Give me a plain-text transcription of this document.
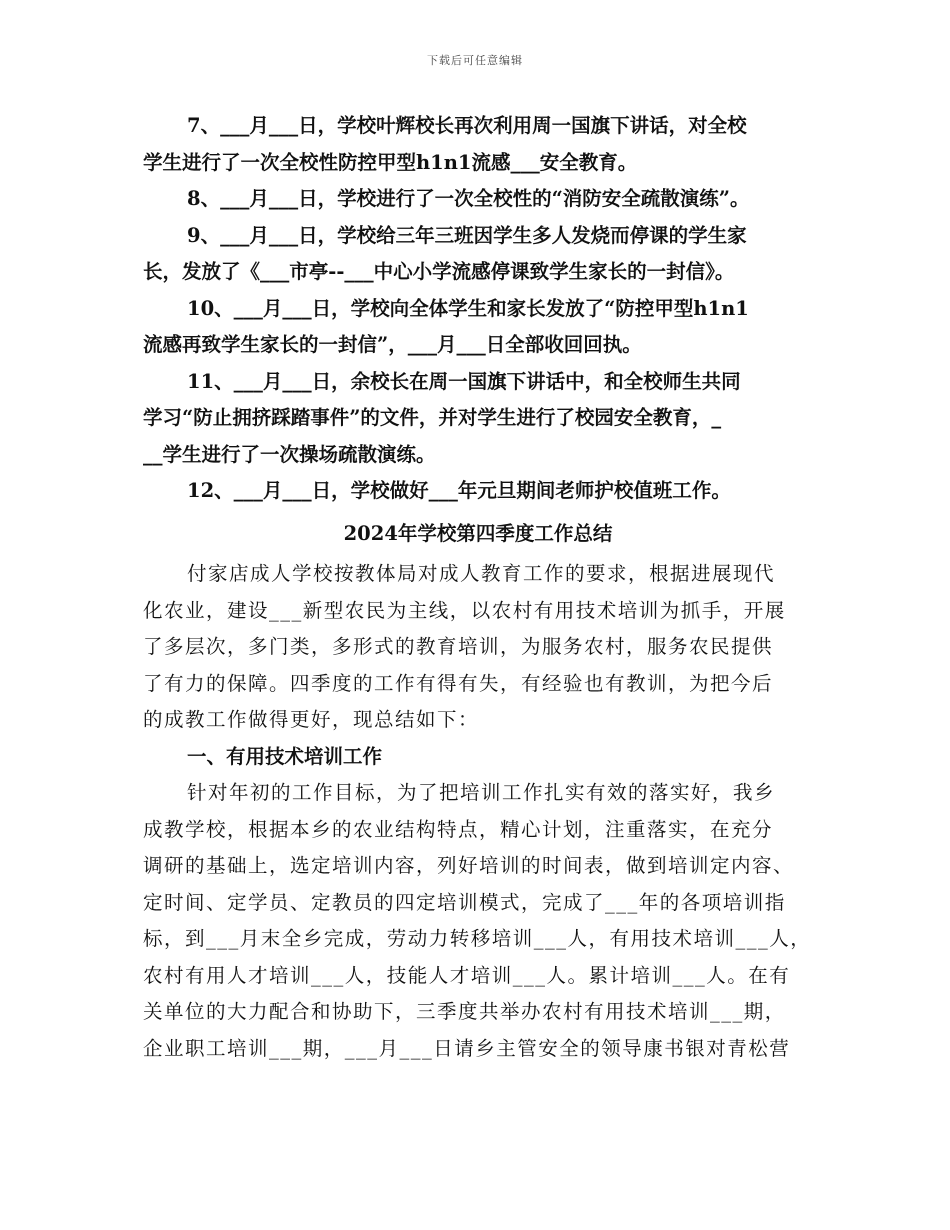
下载后可任意编辑
7、___月___日，学校叶辉校长再次利用周一国旗下讲话，对全校
学生进行了一次全校性防控甲型h1n1流感___安全教育。
8、___月___日，学校进行了一次全校性的“消防安全疏散演练”。
9、___月___日，学校给三年三班因学生多人发烧而停课的学生家
长，发放了《___市亭--___中心小学流感停课致学生家长的一封信》。
10、___月___日，学校向全体学生和家长发放了“防控甲型h1n1
流感再致学生家长的一封信”，___月___日全部收回回执。
11、___月___日，余校长在周一国旗下讲话中，和全校师生共同
学习“防止拥挤踩踏事件”的文件，并对学生进行了校园安全教育，_
__学生进行了一次操场疏散演练。
12、___月___日，学校做好___年元旦期间老师护校值班工作。
2024年学校第四季度工作总结
付家店成人学校按教体局对成人教育工作的要求，根据进展现代
化农业，建设___新型农民为主线，以农村有用技术培训为抓手，开展
了多层次，多门类，多形式的教育培训，为服务农村，服务农民提供
了有力的保障。四季度的工作有得有失，有经验也有教训，为把今后
的成教工作做得更好，现总结如下：
一、有用技术培训工作
针对年初的工作目标，为了把培训工作扎实有效的落实好，我乡
成教学校，根据本乡的农业结构特点，精心计划，注重落实，在充分
调研的基础上，选定培训内容，列好培训的时间表，做到培训定内容、
定时间、定学员、定教员的四定培训模式，完成了___年的各项培训指
标，到___月末全乡完成，劳动力转移培训___人，有用技术培训___人，
农村有用人才培训___人，技能人才培训___人。累计培训___人。在有
关单位的大力配合和协助下，三季度共举办农村有用技术培训___期，
企业职工培训___期，___月___日请乡主管安全的领导康书银对青松营
